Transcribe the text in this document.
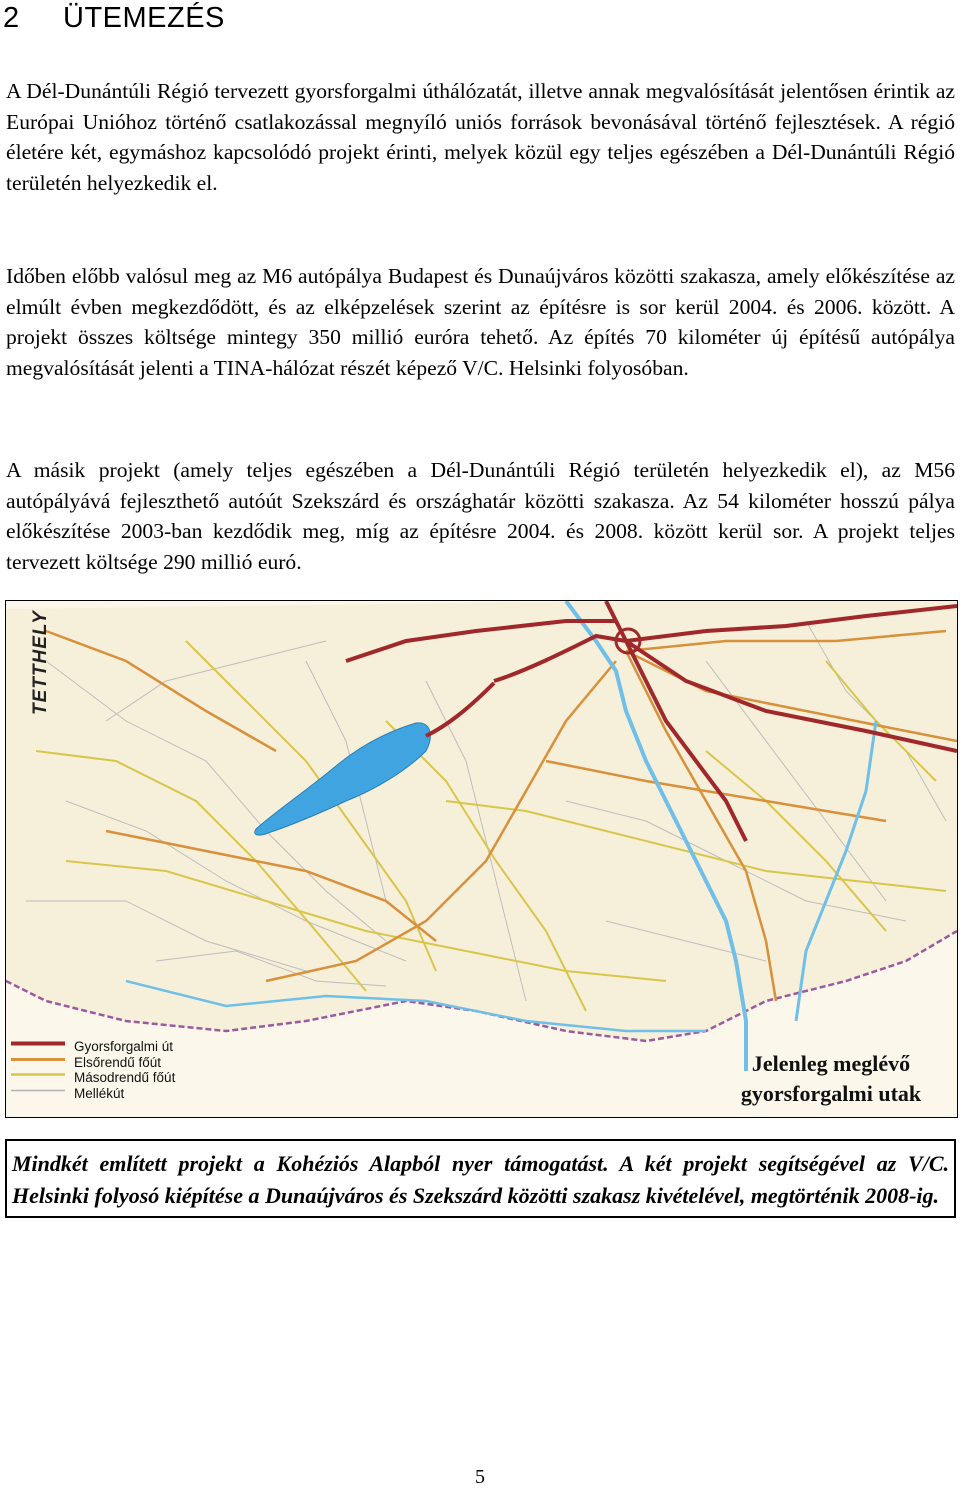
2 ÜTEMEZÉS

A Dél-Dunántúli Régió tervezett gyorsforgalmi úthálózatát, illetve annak megvalósítását jelentősen érintik az Európai Unióhoz történő csatlakozással megnyíló uniós források bevonásával történő fejlesztések. A régió életére két, egymáshoz kapcsolódó projekt érinti, melyek közül egy teljes egészében a Dél-Dunántúli Régió területén helyezkedik el.

Időben előbb valósul meg az M6 autópálya Budapest és Dunaújváros közötti szakasza, amely előkészítése az elmúlt évben megkezdődött, és az elképzelések szerint az építésre is sor kerül 2004. és 2006. között. A projekt összes költsége mintegy 350 millió euróra tehető. Az építés 70 kilométer új építésű autópálya megvalósítását jelenti a TINA-hálózat részét képező V/C. Helsinki folyosóban.

A másik projekt (amely teljes egészében a Dél-Dunántúli Régió területén helyezkedik el), az M56 autópályává fejleszthető autóút Szekszárd és országhatár közötti szakasza. Az 54 kilométer hosszú pálya előkészítése 2003-ban kezdődik meg, míg az építésre 2004. és 2008. között kerül sor. A projekt teljes tervezett költsége 290 millió euró.

TETTHELY
Gyorsforgalmi út
Elsőrendű főút
Másodrendű főút
Mellékút
Jelenleg meglévő
gyorsforgalmi utak

Mindkét említett projekt a Kohéziós Alapból nyer támogatást. A két projekt segítségével az V/C. Helsinki folyosó kiépítése a Dunaújváros és Szekszárd közötti szakasz kivételével, megtörténik 2008-ig.

5
